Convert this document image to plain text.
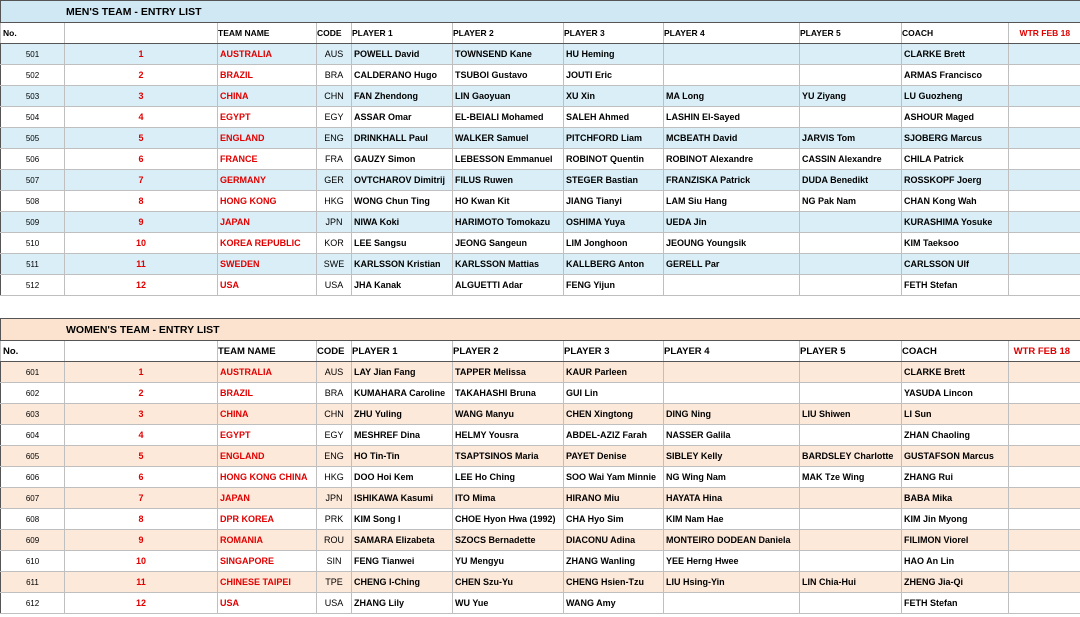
MEN'S TEAM - ENTRY LIST										
No.		TEAM NAME	CODE	PLAYER 1	PLAYER 2	PLAYER 3	PLAYER 4	PLAYER 5	COACH	WTR FEB 18
501	1	AUSTRALIA	AUS	POWELL David	TOWNSEND Kane	HU Heming			CLARKE Brett	
502	2	BRAZIL	BRA	CALDERANO Hugo	TSUBOI Gustavo	JOUTI Eric			ARMAS Francisco	
503	3	CHINA	CHN	FAN Zhendong	LIN Gaoyuan	XU Xin	MA Long	YU Ziyang	LU Guozheng	
504	4	EGYPT	EGY	ASSAR Omar	EL-BEIALI Mohamed	SALEH Ahmed	LASHIN El-Sayed		ASHOUR Maged	
505	5	ENGLAND	ENG	DRINKHALL Paul	WALKER Samuel	PITCHFORD Liam	MCBEATH David	JARVIS Tom	SJOBERG Marcus	
506	6	FRANCE	FRA	GAUZY Simon	LEBESSON Emmanuel	ROBINOT Quentin	ROBINOT Alexandre	CASSIN Alexandre	CHILA Patrick	
507	7	GERMANY	GER	OVTCHAROV Dimitrij	FILUS Ruwen	STEGER Bastian	FRANZISKA Patrick	DUDA Benedikt	ROSSKOPF Joerg	
508	8	HONG KONG	HKG	WONG Chun Ting	HO Kwan Kit	JIANG Tianyi	LAM Siu Hang	NG Pak Nam	CHAN Kong Wah	
509	9	JAPAN	JPN	NIWA Koki	HARIMOTO Tomokazu	OSHIMA Yuya	UEDA Jin		KURASHIMA Yosuke	
510	10	KOREA REPUBLIC	KOR	LEE Sangsu	JEONG Sangeun	LIM Jonghoon	JEOUNG Youngsik		KIM Taeksoo	
511	11	SWEDEN	SWE	KARLSSON Kristian	KARLSSON Mattias	KALLBERG Anton	GERELL Par		CARLSSON Ulf	
512	12	USA	USA	JHA Kanak	ALGUETTI Adar	FENG Yijun			FETH Stefan	
WOMEN'S TEAM - ENTRY LIST										
No.		TEAM NAME	CODE	PLAYER 1	PLAYER 2	PLAYER 3	PLAYER 4	PLAYER 5	COACH	WTR FEB 18
601	1	AUSTRALIA	AUS	LAY Jian Fang	TAPPER Melissa	KAUR Parleen			CLARKE Brett	
602	2	BRAZIL	BRA	KUMAHARA Caroline	TAKAHASHI Bruna	GUI Lin			YASUDA Lincon	
603	3	CHINA	CHN	ZHU Yuling	WANG Manyu	CHEN Xingtong	DING Ning	LIU Shiwen	LI Sun	
604	4	EGYPT	EGY	MESHREF Dina	HELMY Yousra	ABDEL-AZIZ Farah	NASSER Galila		ZHAN Chaoling	
605	5	ENGLAND	ENG	HO Tin-Tin	TSAPTSINOS Maria	PAYET Denise	SIBLEY Kelly	BARDSLEY Charlotte	GUSTAFSON Marcus	
606	6	HONG KONG CHINA	HKG	DOO Hoi Kem	LEE Ho Ching	SOO Wai Yam Minnie	NG Wing Nam	MAK Tze Wing	ZHANG Rui	
607	7	JAPAN	JPN	ISHIKAWA Kasumi	ITO Mima	HIRANO Miu	HAYATA Hina		BABA Mika	
608	8	DPR KOREA	PRK	KIM Song I	CHOE Hyon Hwa (1992)	CHA Hyo Sim	KIM Nam Hae		KIM Jin Myong	
609	9	ROMANIA	ROU	SAMARA Elizabeta	SZOCS Bernadette	DIACONU Adina	MONTEIRO DODEAN Daniela		FILIMON Viorel	
610	10	SINGAPORE	SIN	FENG Tianwei	YU Mengyu	ZHANG Wanling	YEE Herng Hwee		HAO An Lin	
611	11	CHINESE TAIPEI	TPE	CHENG I-Ching	CHEN Szu-Yu	CHENG Hsien-Tzu	LIU Hsing-Yin	LIN Chia-Hui	ZHENG Jia-Qi	
612	12	USA	USA	ZHANG Lily	WU Yue	WANG Amy			FETH Stefan	
